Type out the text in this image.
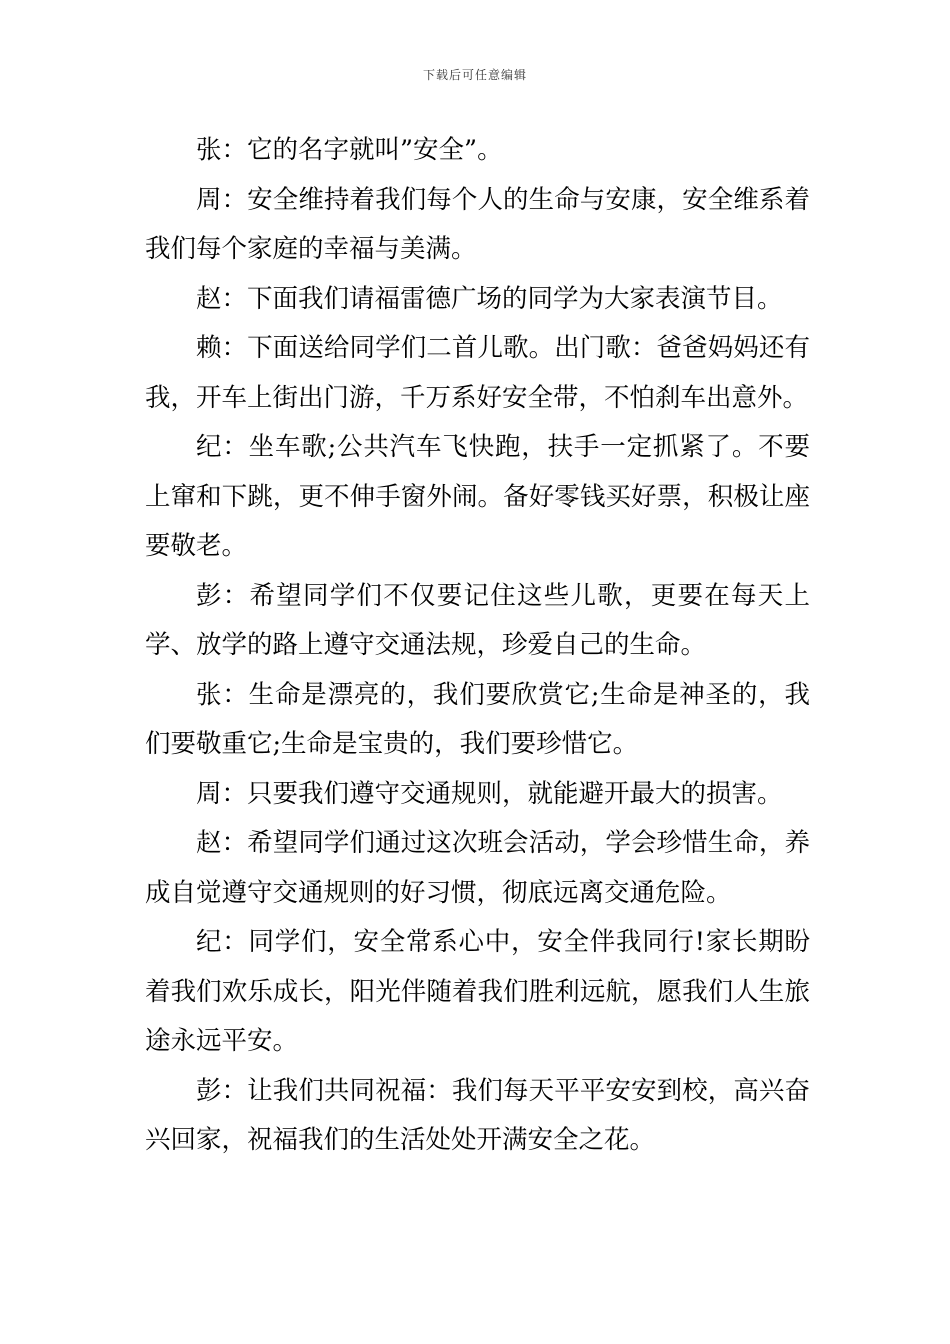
下载后可任意编辑

张：它的名字就叫”安全”。

周：安全维持着我们每个人的生命与安康，安全维系着我们每个家庭的幸福与美满。

赵：下面我们请福雷德广场的同学为大家表演节目。

赖：下面送给同学们二首儿歌。出门歌：爸爸妈妈还有我，开车上街出门游，千万系好安全带，不怕刹车出意外。

纪：坐车歌;公共汽车飞快跑，扶手一定抓紧了。不要上窜和下跳，更不伸手窗外闹。备好零钱买好票，积极让座要敬老。

彭：希望同学们不仅要记住这些儿歌，更要在每天上学、放学的路上遵守交通法规，珍爱自己的生命。

张：生命是漂亮的，我们要欣赏它;生命是神圣的，我们要敬重它;生命是宝贵的，我们要珍惜它。

周：只要我们遵守交通规则，就能避开最大的损害。

赵：希望同学们通过这次班会活动，学会珍惜生命，养成自觉遵守交通规则的好习惯，彻底远离交通危险。

纪：同学们，安全常系心中，安全伴我同行!家长期盼着我们欢乐成长，阳光伴随着我们胜利远航，愿我们人生旅途永远平安。

彭：让我们共同祝福：我们每天平平安安到校，高兴奋兴回家，祝福我们的生活处处开满安全之花。
